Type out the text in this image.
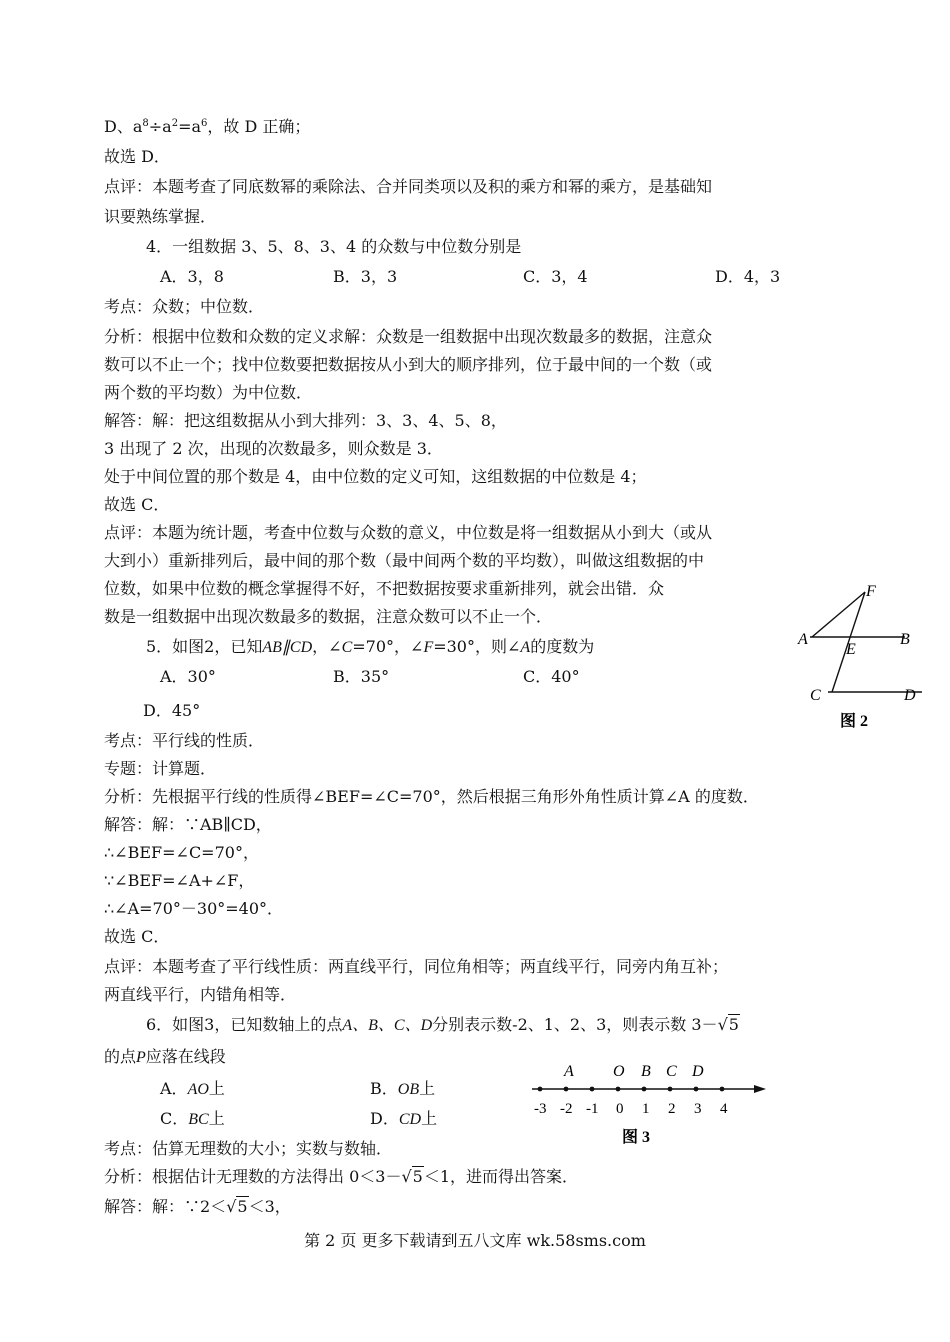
D、$a^8\div a^2=a^6$，故 D 正确；
故选 D．
点评：本题考查了同底数幂的乘除法、合并同类项以及积的乘方和幂的乘方，是基础知
识要熟练掌握．
4．一组数据 3、5、8、3、4 的众数与中位数分别是
A．3，8	B．3，3	C．3，4	D．4，3
考点：众数；中位数．
分析：根据中位数和众数的定义求解：众数是一组数据中出现次数最多的数据，注意众
数可以不止一个；找中位数要把数据按从小到大的顺序排列，位于最中间的一个数（或
两个数的平均数）为中位数．
解答：解：把这组数据从小到大排列：3、3、4、5、8，
3 出现了 2 次，出现的次数最多，则众数是 3．
处于中间位置的那个数是 4，由中位数的定义可知，这组数据的中位数是 4；
故选 C．
点评：本题为统计题，考查中位数与众数的意义，中位数是将一组数据从小到大（或从
大到小）重新排列后，最中间的那个数（最中间两个数的平均数），叫做这组数据的中
位数，如果中位数的概念掌握得不好，不把数据按要求重新排列，就会出错．众
数是一组数据中出现次数最多的数据，注意众数可以不止一个．
5．如图2，已知AB∥CD，∠C=70°，∠F=30°，则∠A的度数为
A．30°	B．35°	C．40°
D．45°
F
A
E
B
C	D
图 2
考点：平行线的性质．
专题：计算题．
分析：先根据平行线的性质得∠BEF=∠C=70°，然后根据三角形外角性质计算∠A 的度数．
解答：解：∵AB∥CD，
∴∠BEF=∠C=70°，
∵∠BEF=∠A+∠F，
∴∠A=70°－30°=40°．
故选 C．
点评：本题考查了平行线性质：两直线平行，同位角相等；两直线平行，同旁内角互补；
两直线平行，内错角相等．
6．如图3，已知数轴上的点A、B、C、D分别表示数-2、1、2、3，则表示数 3－√5
的点P应落在线段
A．AO上	B．OB上
C．BC上	D．CD上
A O B C D
-3 -2 -1 0 1 2 3 4
图 3
考点：估算无理数的大小；实数与数轴．
分析：根据估计无理数的方法得出 0＜3－√5＜1，进而得出答案．
解答：解：∵2＜√5＜3，
第 2 页 更多下载请到五八文库 wk.58sms.com
